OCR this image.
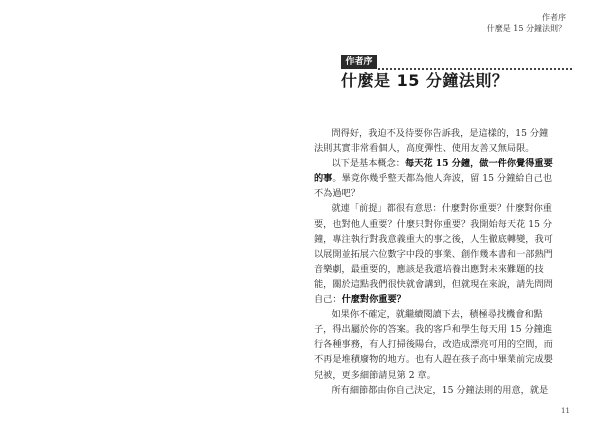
作者序
什麼是 15 分鐘法則？
作者序
什麼是 15 分鐘法則？
問得好，我迫不及待要你告訴我，是這樣的，15 分鐘
法則其實非常看個人，高度彈性、使用友善又無局限。
以下是基本概念：每天花 15 分鐘，做一件你覺得重要
的事。畢竟你幾乎整天都為他人奔波，留 15 分鐘給自己也
不為過吧？
就連「前提」都很有意思：什麼對你重要？什麼對你重
要，也對他人重要？什麼只對你重要？我開始每天花 15 分
鐘，專注執行對我意義重大的事之後，人生徹底轉變，我可
以展開並拓展六位數字中段的事業、創作幾本書和一部熱門
音樂劇，最重要的，應該是我還培養出應對未來難題的技
能，關於這點我們很快就會講到，但就現在來說，請先問問
自己：什麼對你重要？
如果你不確定，就繼續閱讀下去，積極尋找機會和點
子，得出屬於你的答案。我的客戶和學生每天用 15 分鐘進
行各種事務，有人打掃後陽台，改造成漂亮可用的空間，而
不再是堆積廢物的地方。也有人趕在孩子高中畢業前完成嬰
兒被，更多細節請見第 2 章。
所有細節都由你自己決定，15 分鐘法則的用意，就是
11
